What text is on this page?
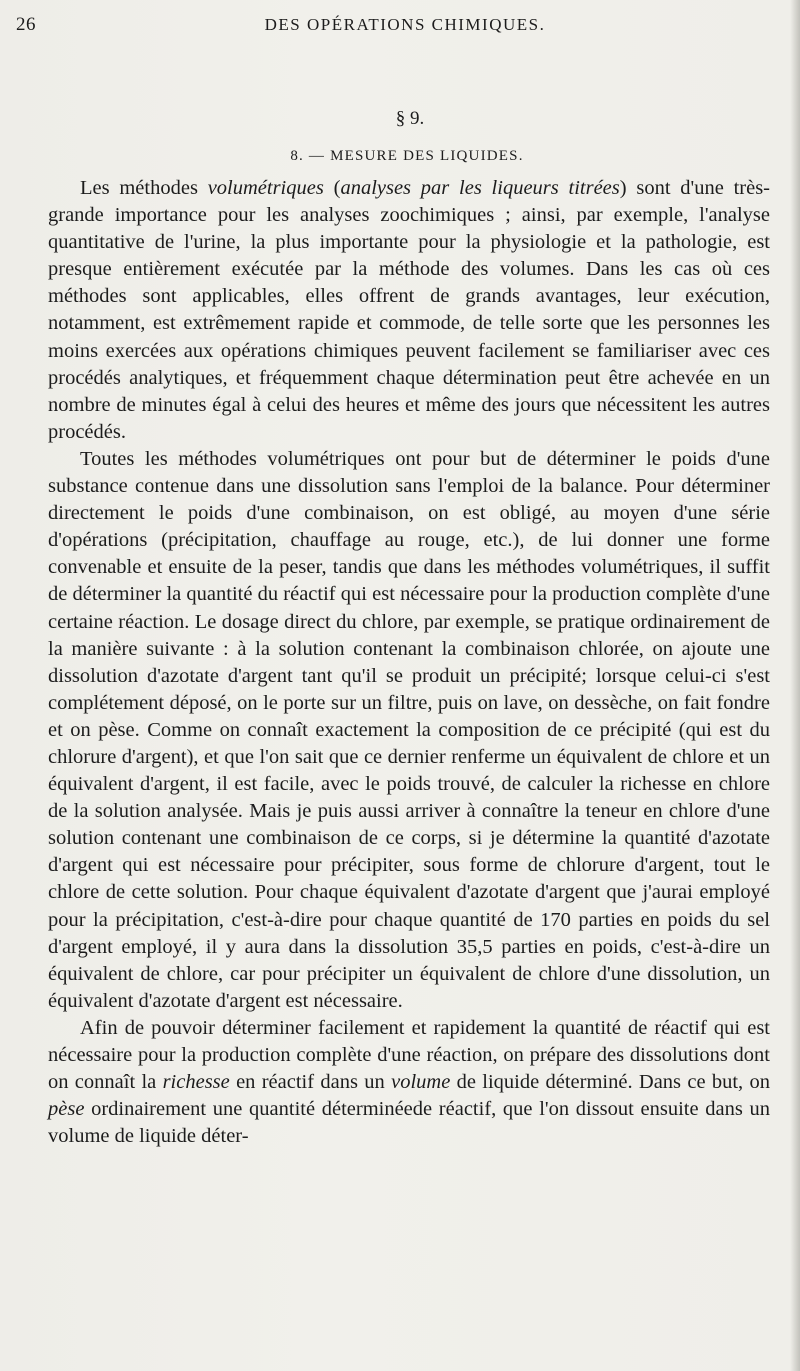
26	DES OPÉRATIONS CHIMIQUES.
§ 9.
8. — MESURE DES LIQUIDES.

Les méthodes volumétriques (analyses par les liqueurs titrées) sont d'une très-grande importance pour les analyses zoochimiques ; ainsi, par exemple, l'analyse quantitative de l'urine, la plus importante pour la physiologie et la pathologie, est presque entièrement exécutée par la méthode des volumes. Dans les cas où ces méthodes sont applicables, elles offrent de grands avantages, leur exécution, notamment, est extrêmement rapide et commode, de telle sorte que les personnes les moins exercées aux opérations chimiques peuvent facilement se familiariser avec ces procédés analytiques, et fréquemment chaque détermination peut être achevée en un nombre de minutes égal à celui des heures et même des jours que nécessitent les autres procédés.

Toutes les méthodes volumétriques ont pour but de déterminer le poids d'une substance contenue dans une dissolution sans l'emploi de la balance. Pour déterminer directement le poids d'une combinaison, on est obligé, au moyen d'une série d'opérations (précipitation, chauffage au rouge, etc.), de lui donner une forme convenable et ensuite de la peser, tandis que dans les méthodes volumétriques, il suffit de déterminer la quantité du réactif qui est nécessaire pour la production complète d'une certaine réaction. Le dosage direct du chlore, par exemple, se pratique ordinairement de la manière suivante : à la solution contenant la combinaison chlorée, on ajoute une dissolution d'azotate d'argent tant qu'il se produit un précipité; lorsque celui-ci s'est complétement déposé, on le porte sur un filtre, puis on lave, on dessèche, on fait fondre et on pèse. Comme on connaît exactement la composition de ce précipité (qui est du chlorure d'argent), et que l'on sait que ce dernier renferme un équivalent de chlore et un équivalent d'argent, il est facile, avec le poids trouvé, de calculer la richesse en chlore de la solution analysée. Mais je puis aussi arriver à connaître la teneur en chlore d'une solution contenant une combinaison de ce corps, si je détermine la quantité d'azotate d'argent qui est nécessaire pour précipiter, sous forme de chlorure d'argent, tout le chlore de cette solution. Pour chaque équivalent d'azotate d'argent que j'aurai employé pour la précipitation, c'est-à-dire pour chaque quantité de 170 parties en poids du sel d'argent employé, il y aura dans la dissolution 35,5 parties en poids, c'est-à-dire un équivalent de chlore, car pour précipiter un équivalent de chlore d'une dissolution, un équivalent d'azotate d'argent est nécessaire.

Afin de pouvoir déterminer facilement et rapidement la quantité de réactif qui est nécessaire pour la production complète d'une réaction, on prépare des dissolutions dont on connaît la richesse en réactif dans un volume de liquide déterminé. Dans ce but, on pèse ordinairement une quantité déterminéede réactif, que l'on dissout ensuite dans un volume de liquide déter-
